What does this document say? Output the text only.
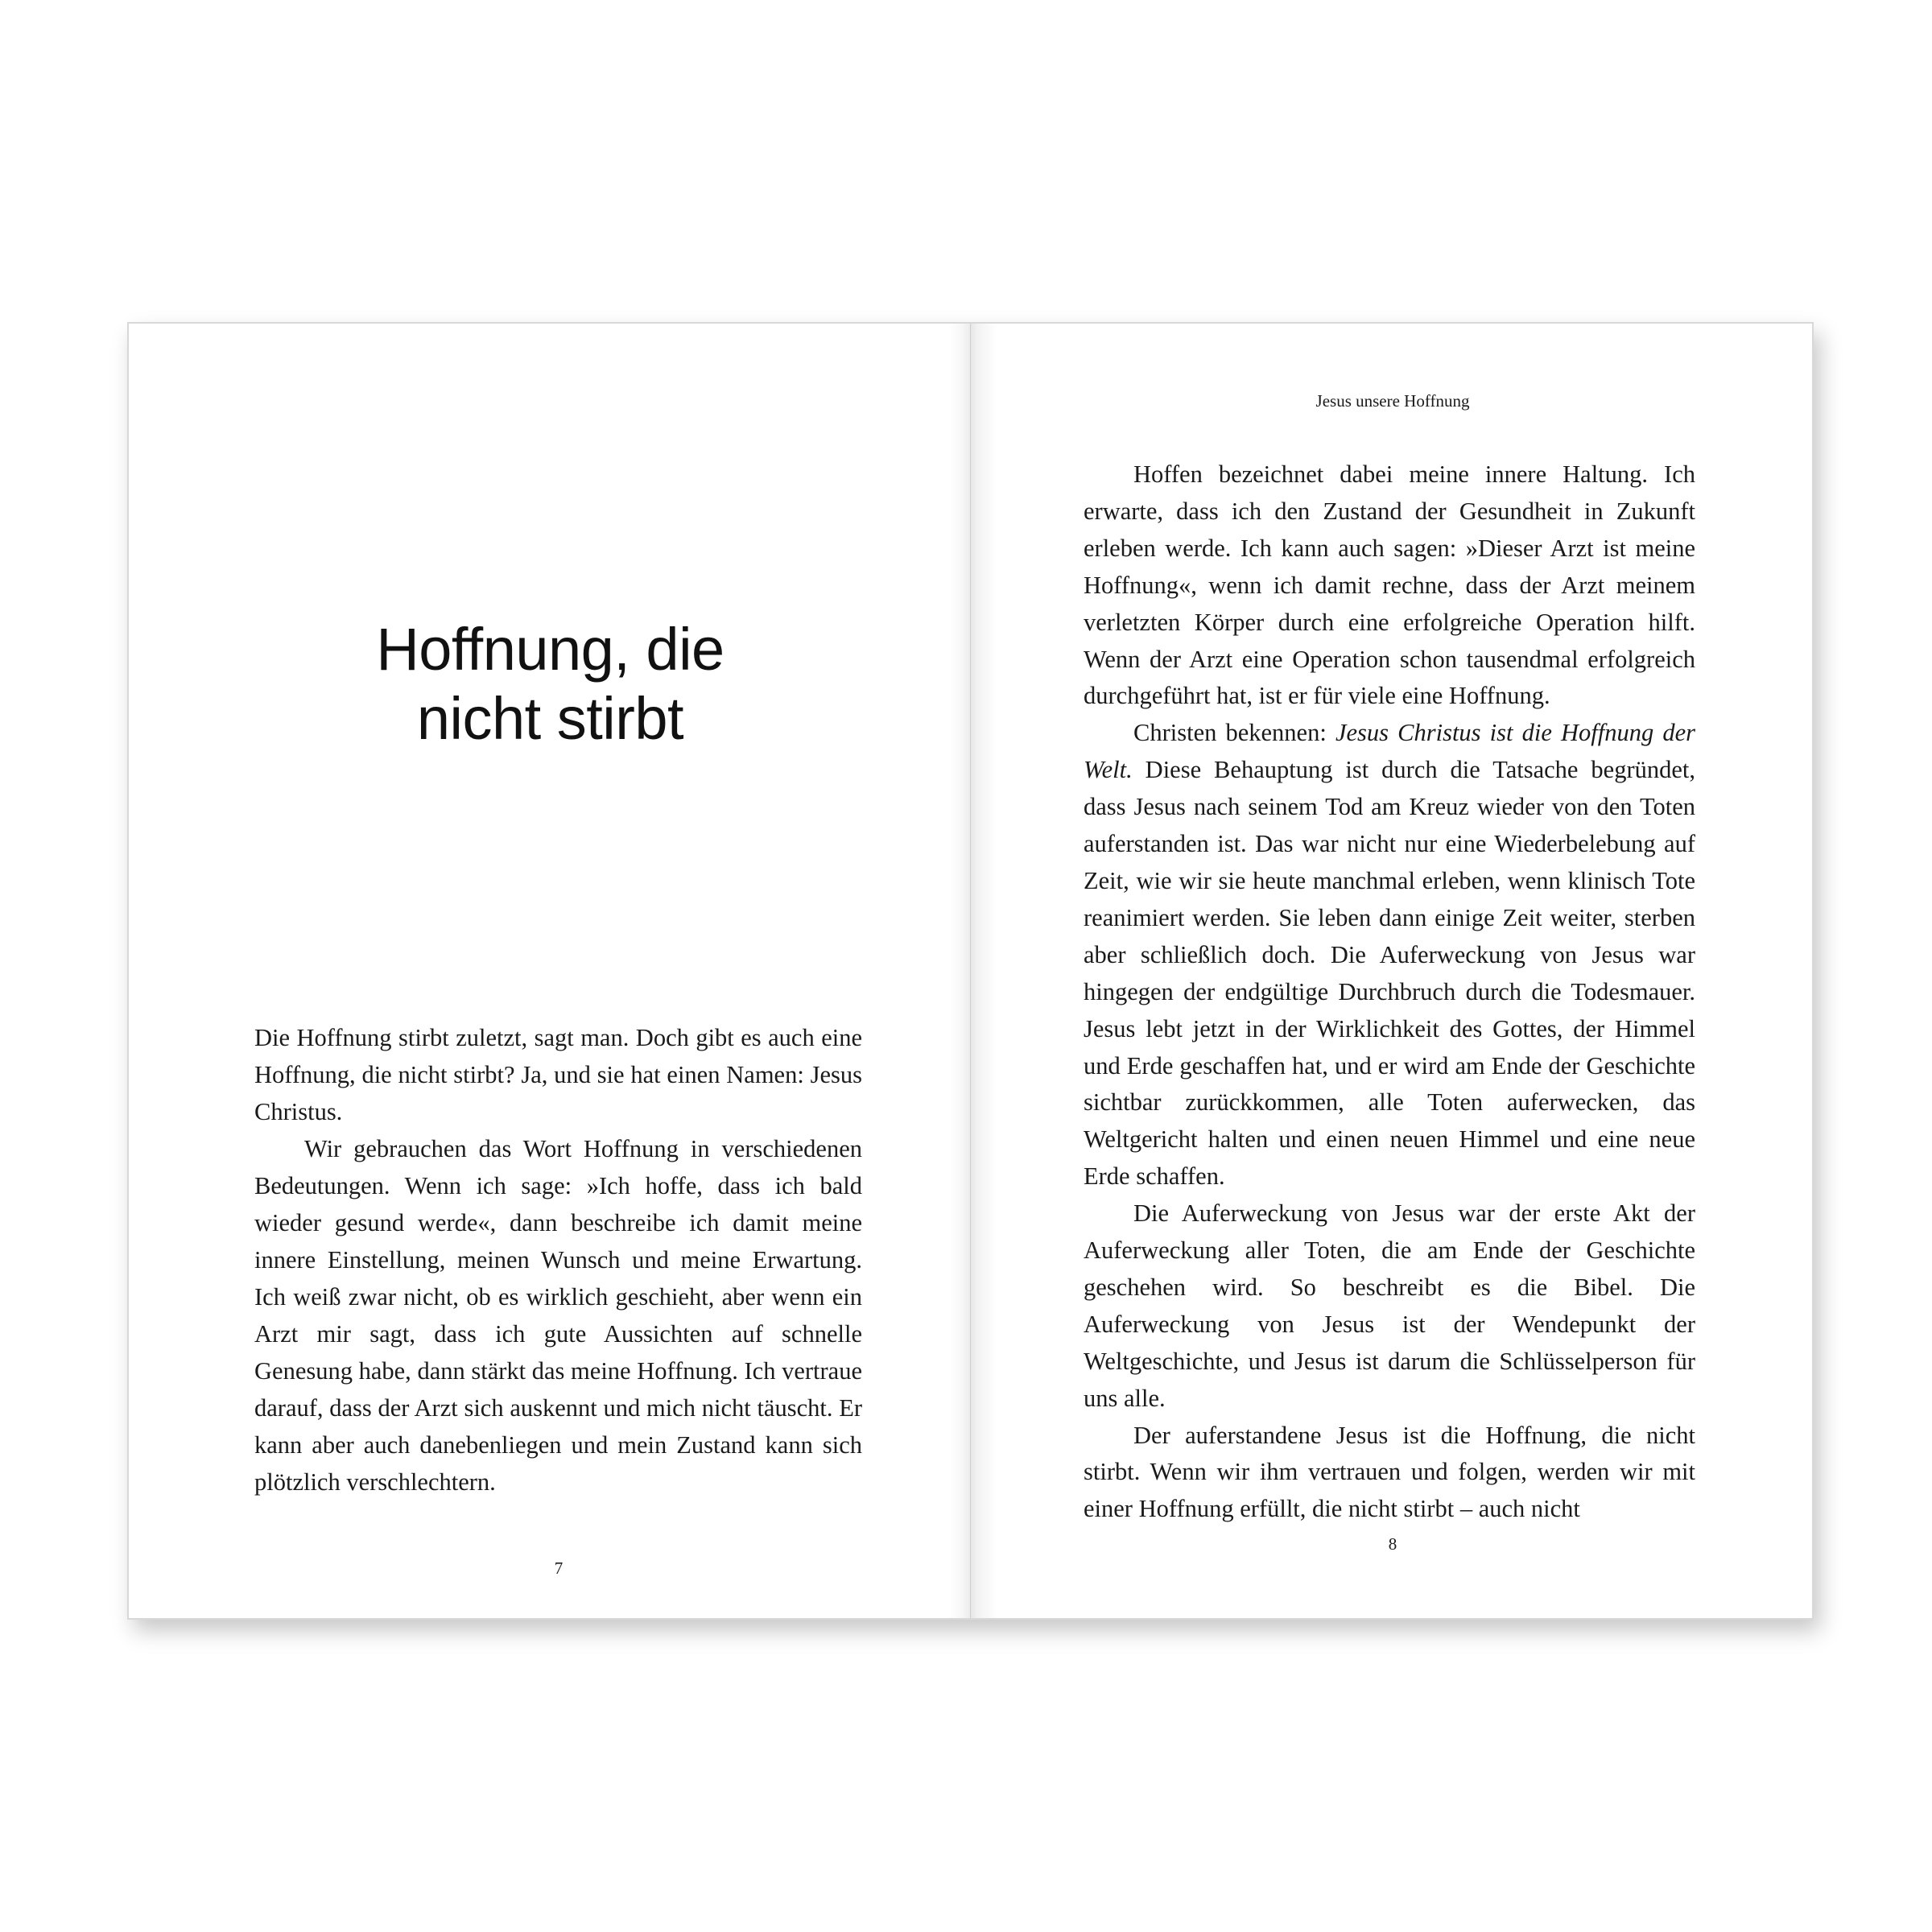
Hoffnung, die
nicht stirbt

Die Hoffnung stirbt zuletzt, sagt man. Doch gibt es auch eine Hoffnung, die nicht stirbt? Ja, und sie hat einen Namen: Jesus Christus.

Wir gebrauchen das Wort Hoffnung in verschiedenen Bedeutungen. Wenn ich sage: »Ich hoffe, dass ich bald wieder gesund werde«, dann beschreibe ich damit meine innere Einstellung, meinen Wunsch und meine Erwartung. Ich weiß zwar nicht, ob es wirklich geschieht, aber wenn ein Arzt mir sagt, dass ich gute Aussichten auf schnelle Genesung habe, dann stärkt das meine Hoffnung. Ich vertraue darauf, dass der Arzt sich auskennt und mich nicht täuscht. Er kann aber auch danebenliegen und mein Zustand kann sich plötzlich verschlechtern.

7
Jesus unsere Hoffnung

Hoffen bezeichnet dabei meine innere Haltung. Ich erwarte, dass ich den Zustand der Gesundheit in Zukunft erleben werde. Ich kann auch sagen: »Dieser Arzt ist meine Hoffnung«, wenn ich damit rechne, dass der Arzt meinem verletzten Körper durch eine erfolgreiche Operation hilft. Wenn der Arzt eine Operation schon tausendmal erfolgreich durchgeführt hat, ist er für viele eine Hoffnung.

Christen bekennen: Jesus Christus ist die Hoffnung der Welt. Diese Behauptung ist durch die Tatsache begründet, dass Jesus nach seinem Tod am Kreuz wieder von den Toten auferstanden ist. Das war nicht nur eine Wiederbelebung auf Zeit, wie wir sie heute manchmal erleben, wenn klinisch Tote reanimiert werden. Sie leben dann einige Zeit weiter, sterben aber schließlich doch. Die Auferweckung von Jesus war hingegen der endgültige Durchbruch durch die Todesmauer. Jesus lebt jetzt in der Wirklichkeit des Gottes, der Himmel und Erde geschaffen hat, und er wird am Ende der Geschichte sichtbar zurückkommen, alle Toten auferwecken, das Weltgericht halten und einen neuen Himmel und eine neue Erde schaffen.

Die Auferweckung von Jesus war der erste Akt der Auferweckung aller Toten, die am Ende der Geschichte geschehen wird. So beschreibt es die Bibel. Die Auferweckung von Jesus ist der Wendepunkt der Weltgeschichte, und Jesus ist darum die Schlüsselperson für uns alle.

Der auferstandene Jesus ist die Hoffnung, die nicht stirbt. Wenn wir ihm vertrauen und folgen, werden wir mit einer Hoffnung erfüllt, die nicht stirbt – auch nicht

8
